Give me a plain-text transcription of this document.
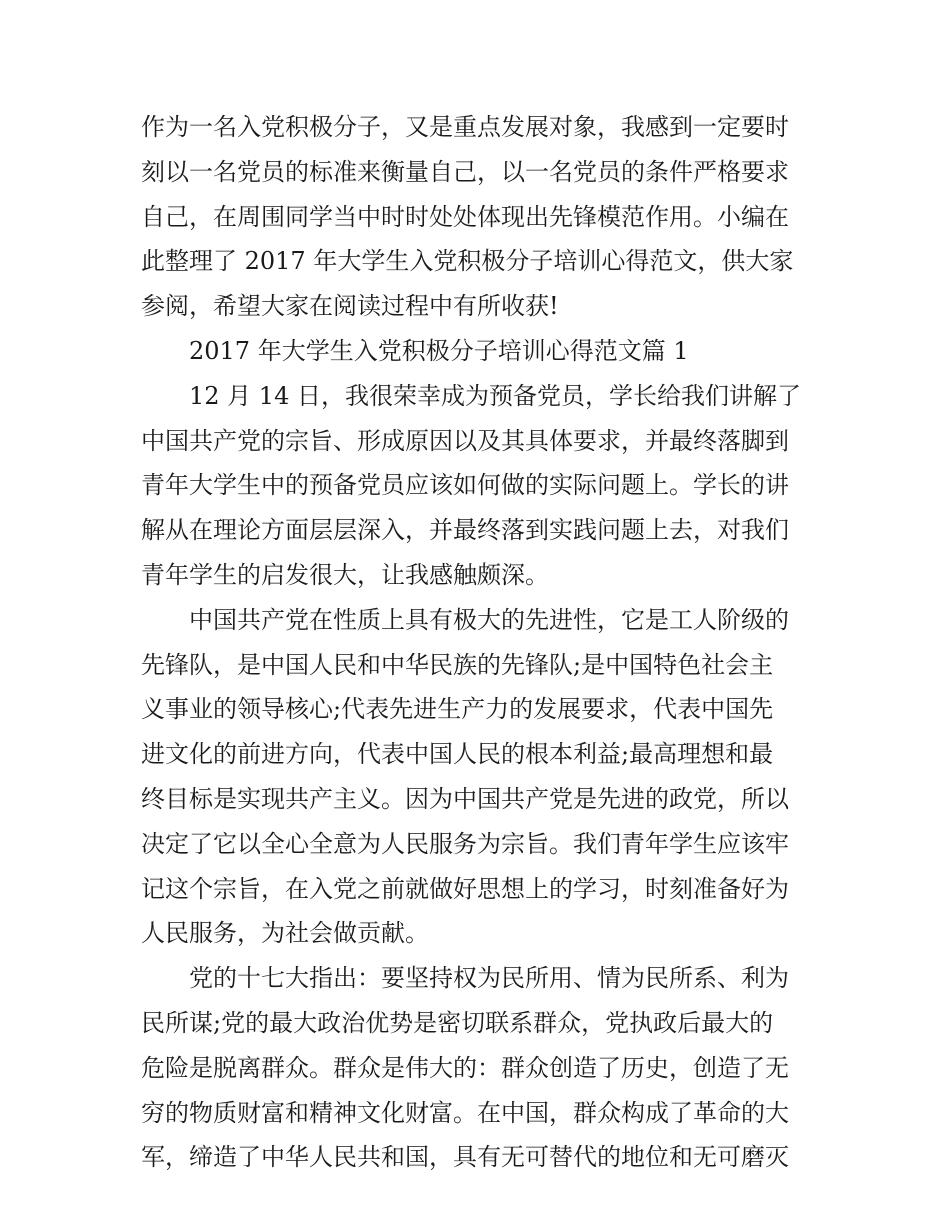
作为一名入党积极分子，又是重点发展对象，我感到一定要时
刻以一名党员的标准来衡量自己，以一名党员的条件严格要求
自己，在周围同学当中时时处处体现出先锋模范作用。小编在
此整理了 2017 年大学生入党积极分子培训心得范文，供大家
参阅，希望大家在阅读过程中有所收获!
2017 年大学生入党积极分子培训心得范文篇 1
12 月 14 日，我很荣幸成为预备党员，学长给我们讲解了
中国共产党的宗旨、形成原因以及其具体要求，并最终落脚到
青年大学生中的预备党员应该如何做的实际问题上。学长的讲
解从在理论方面层层深入，并最终落到实践问题上去，对我们
青年学生的启发很大，让我感触颇深。
中国共产党在性质上具有极大的先进性，它是工人阶级的
先锋队，是中国人民和中华民族的先锋队;是中国特色社会主
义事业的领导核心;代表先进生产力的发展要求，代表中国先
进文化的前进方向，代表中国人民的根本利益;最高理想和最
终目标是实现共产主义。因为中国共产党是先进的政党，所以
决定了它以全心全意为人民服务为宗旨。我们青年学生应该牢
记这个宗旨，在入党之前就做好思想上的学习，时刻准备好为
人民服务，为社会做贡献。
党的十七大指出：要坚持权为民所用、情为民所系、利为
民所谋;党的最大政治优势是密切联系群众，党执政后最大的
危险是脱离群众。群众是伟大的：群众创造了历史，创造了无
穷的物质财富和精神文化财富。在中国，群众构成了革命的大
军，缔造了中华人民共和国，具有无可替代的地位和无可磨灭
